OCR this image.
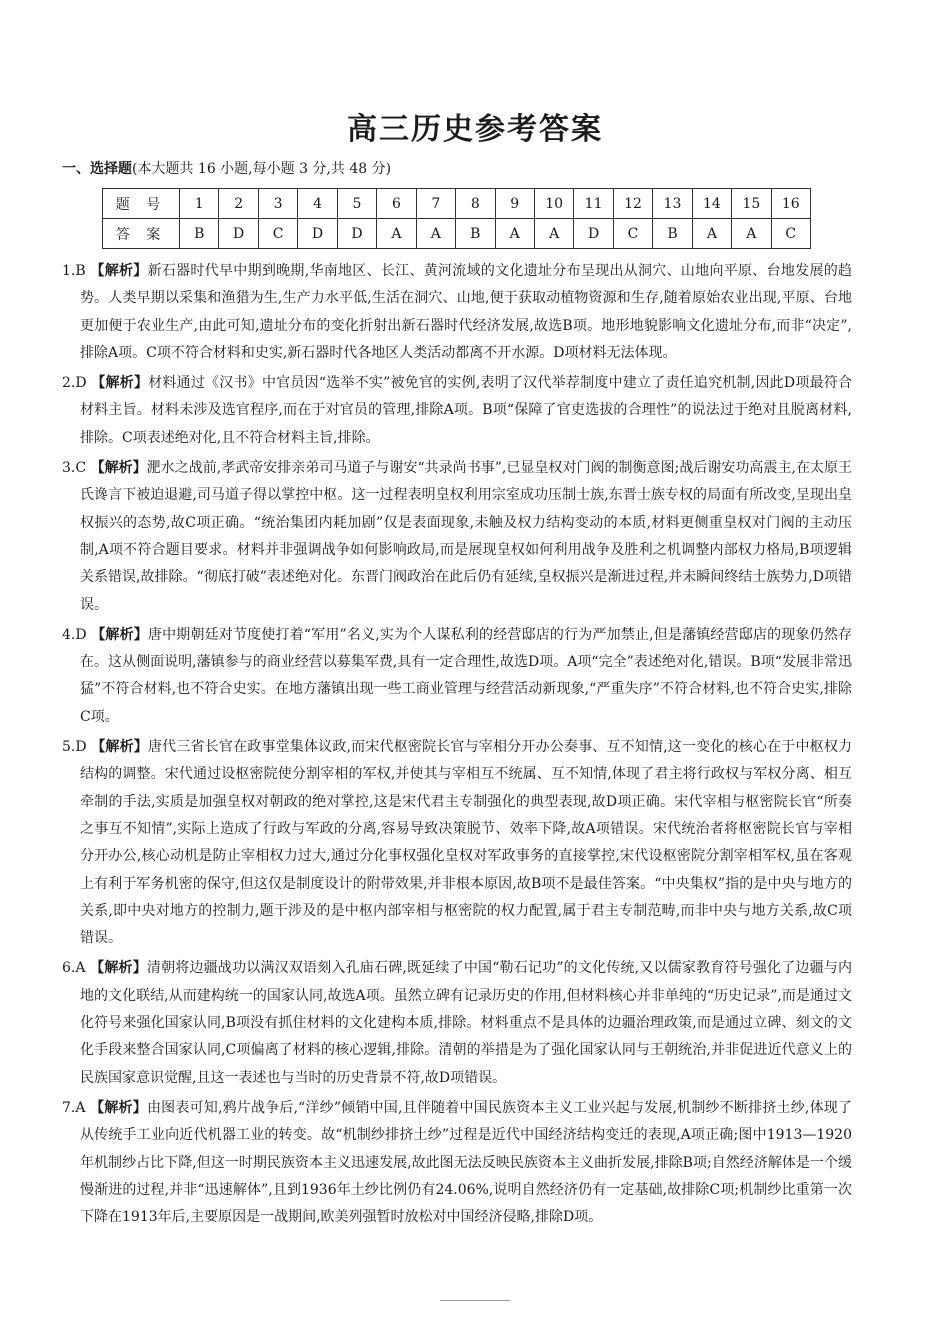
高三历史参考答案

一、选择题(本大题共 16 小题,每小题 3 分,共 48 分)

题 号	1	2	3	4	5	6	7	8	9	10	11	12	13	14	15	16
答 案	B	D	C	D	D	A	A	B	A	A	D	C	B	A	A	C

1.B 【解析】新石器时代早中期到晚期,华南地区、长江、黄河流域的文化遗址分布呈现出从洞穴、山地向平原、台地发展的趋势。人类早期以采集和渔猎为生,生产力水平低,生活在洞穴、山地,便于获取动植物资源和生存,随着原始农业出现,平原、台地更加便于农业生产,由此可知,遗址分布的变化折射出新石器时代经济发展,故选B项。地形地貌影响文化遗址分布,而非“决定”,排除A项。C项不符合材料和史实,新石器时代各地区人类活动都离不开水源。D项材料无法体现。

2.D 【解析】材料通过《汉书》中官员因“选举不实”被免官的实例,表明了汉代举荐制度中建立了责任追究机制,因此D项最符合材料主旨。材料未涉及选官程序,而在于对官员的管理,排除A项。B项“保障了官吏选拔的合理性”的说法过于绝对且脱离材料,排除。C项表述绝对化,且不符合材料主旨,排除。

3.C 【解析】淝水之战前,孝武帝安排亲弟司马道子与谢安“共录尚书事”,已显皇权对门阀的制衡意图;战后谢安功高震主,在太原王氏谗言下被迫退避,司马道子得以掌控中枢。这一过程表明皇权利用宗室成功压制士族,东晋士族专权的局面有所改变,呈现出皇权振兴的态势,故C项正确。“统治集团内耗加剧”仅是表面现象,未触及权力结构变动的本质,材料更侧重皇权对门阀的主动压制,A项不符合题目要求。材料并非强调战争如何影响政局,而是展现皇权如何利用战争及胜利之机调整内部权力格局,B项逻辑关系错误,故排除。“彻底打破”表述绝对化。东晋门阀政治在此后仍有延续,皇权振兴是渐进过程,并未瞬间终结士族势力,D项错误。

4.D 【解析】唐中期朝廷对节度使打着“军用”名义,实为个人谋私利的经营邸店的行为严加禁止,但是藩镇经营邸店的现象仍然存在。这从侧面说明,藩镇参与的商业经营以募集军费,具有一定合理性,故选D项。A项“完全”表述绝对化,错误。B项“发展非常迅猛”不符合材料,也不符合史实。在地方藩镇出现一些工商业管理与经营活动新现象,“严重失序”不符合材料,也不符合史实,排除C项。

5.D 【解析】唐代三省长官在政事堂集体议政,而宋代枢密院长官与宰相分开办公奏事、互不知情,这一变化的核心在于中枢权力结构的调整。宋代通过设枢密院使分割宰相的军权,并使其与宰相互不统属、互不知情,体现了君主将行政权与军权分离、相互牵制的手法,实质是加强皇权对朝政的绝对掌控,这是宋代君主专制强化的典型表现,故D项正确。宋代宰相与枢密院长官“所奏之事互不知情”,实际上造成了行政与军政的分离,容易导致决策脱节、效率下降,故A项错误。宋代统治者将枢密院长官与宰相分开办公,核心动机是防止宰相权力过大,通过分化事权强化皇权对军政事务的直接掌控,宋代设枢密院分割宰相军权,虽在客观上有利于军务机密的保守,但这仅是制度设计的附带效果,并非根本原因,故B项不是最佳答案。“中央集权”指的是中央与地方的关系,即中央对地方的控制力,题干涉及的是中枢内部宰相与枢密院的权力配置,属于君主专制范畴,而非中央与地方关系,故C项错误。

6.A 【解析】清朝将边疆战功以满汉双语刻入孔庙石碑,既延续了中国“勒石记功”的文化传统,又以儒家教育符号强化了边疆与内地的文化联结,从而建构统一的国家认同,故选A项。虽然立碑有记录历史的作用,但材料核心并非单纯的“历史记录”,而是通过文化符号来强化国家认同,B项没有抓住材料的文化建构本质,排除。材料重点不是具体的边疆治理政策,而是通过立碑、刻文的文化手段来整合国家认同,C项偏离了材料的核心逻辑,排除。清朝的举措是为了强化国家认同与王朝统治,并非促进近代意义上的民族国家意识觉醒,且这一表述也与当时的历史背景不符,故D项错误。

7.A 【解析】由图表可知,鸦片战争后,“洋纱”倾销中国,且伴随着中国民族资本主义工业兴起与发展,机制纱不断排挤土纱,体现了从传统手工业向近代机器工业的转变。故“机制纱排挤土纱”过程是近代中国经济结构变迁的表现,A项正确;图中1913—1920年机制纱占比下降,但这一时期民族资本主义迅速发展,故此图无法反映民族资本主义曲折发展,排除B项;自然经济解体是一个缓慢渐进的过程,并非“迅速解体”,且到1936年土纱比例仍有24.06%,说明自然经济仍有一定基础,故排除C项;机制纱比重第一次下降在1913年后,主要原因是一战期间,欧美列强暂时放松对中国经济侵略,排除D项。
